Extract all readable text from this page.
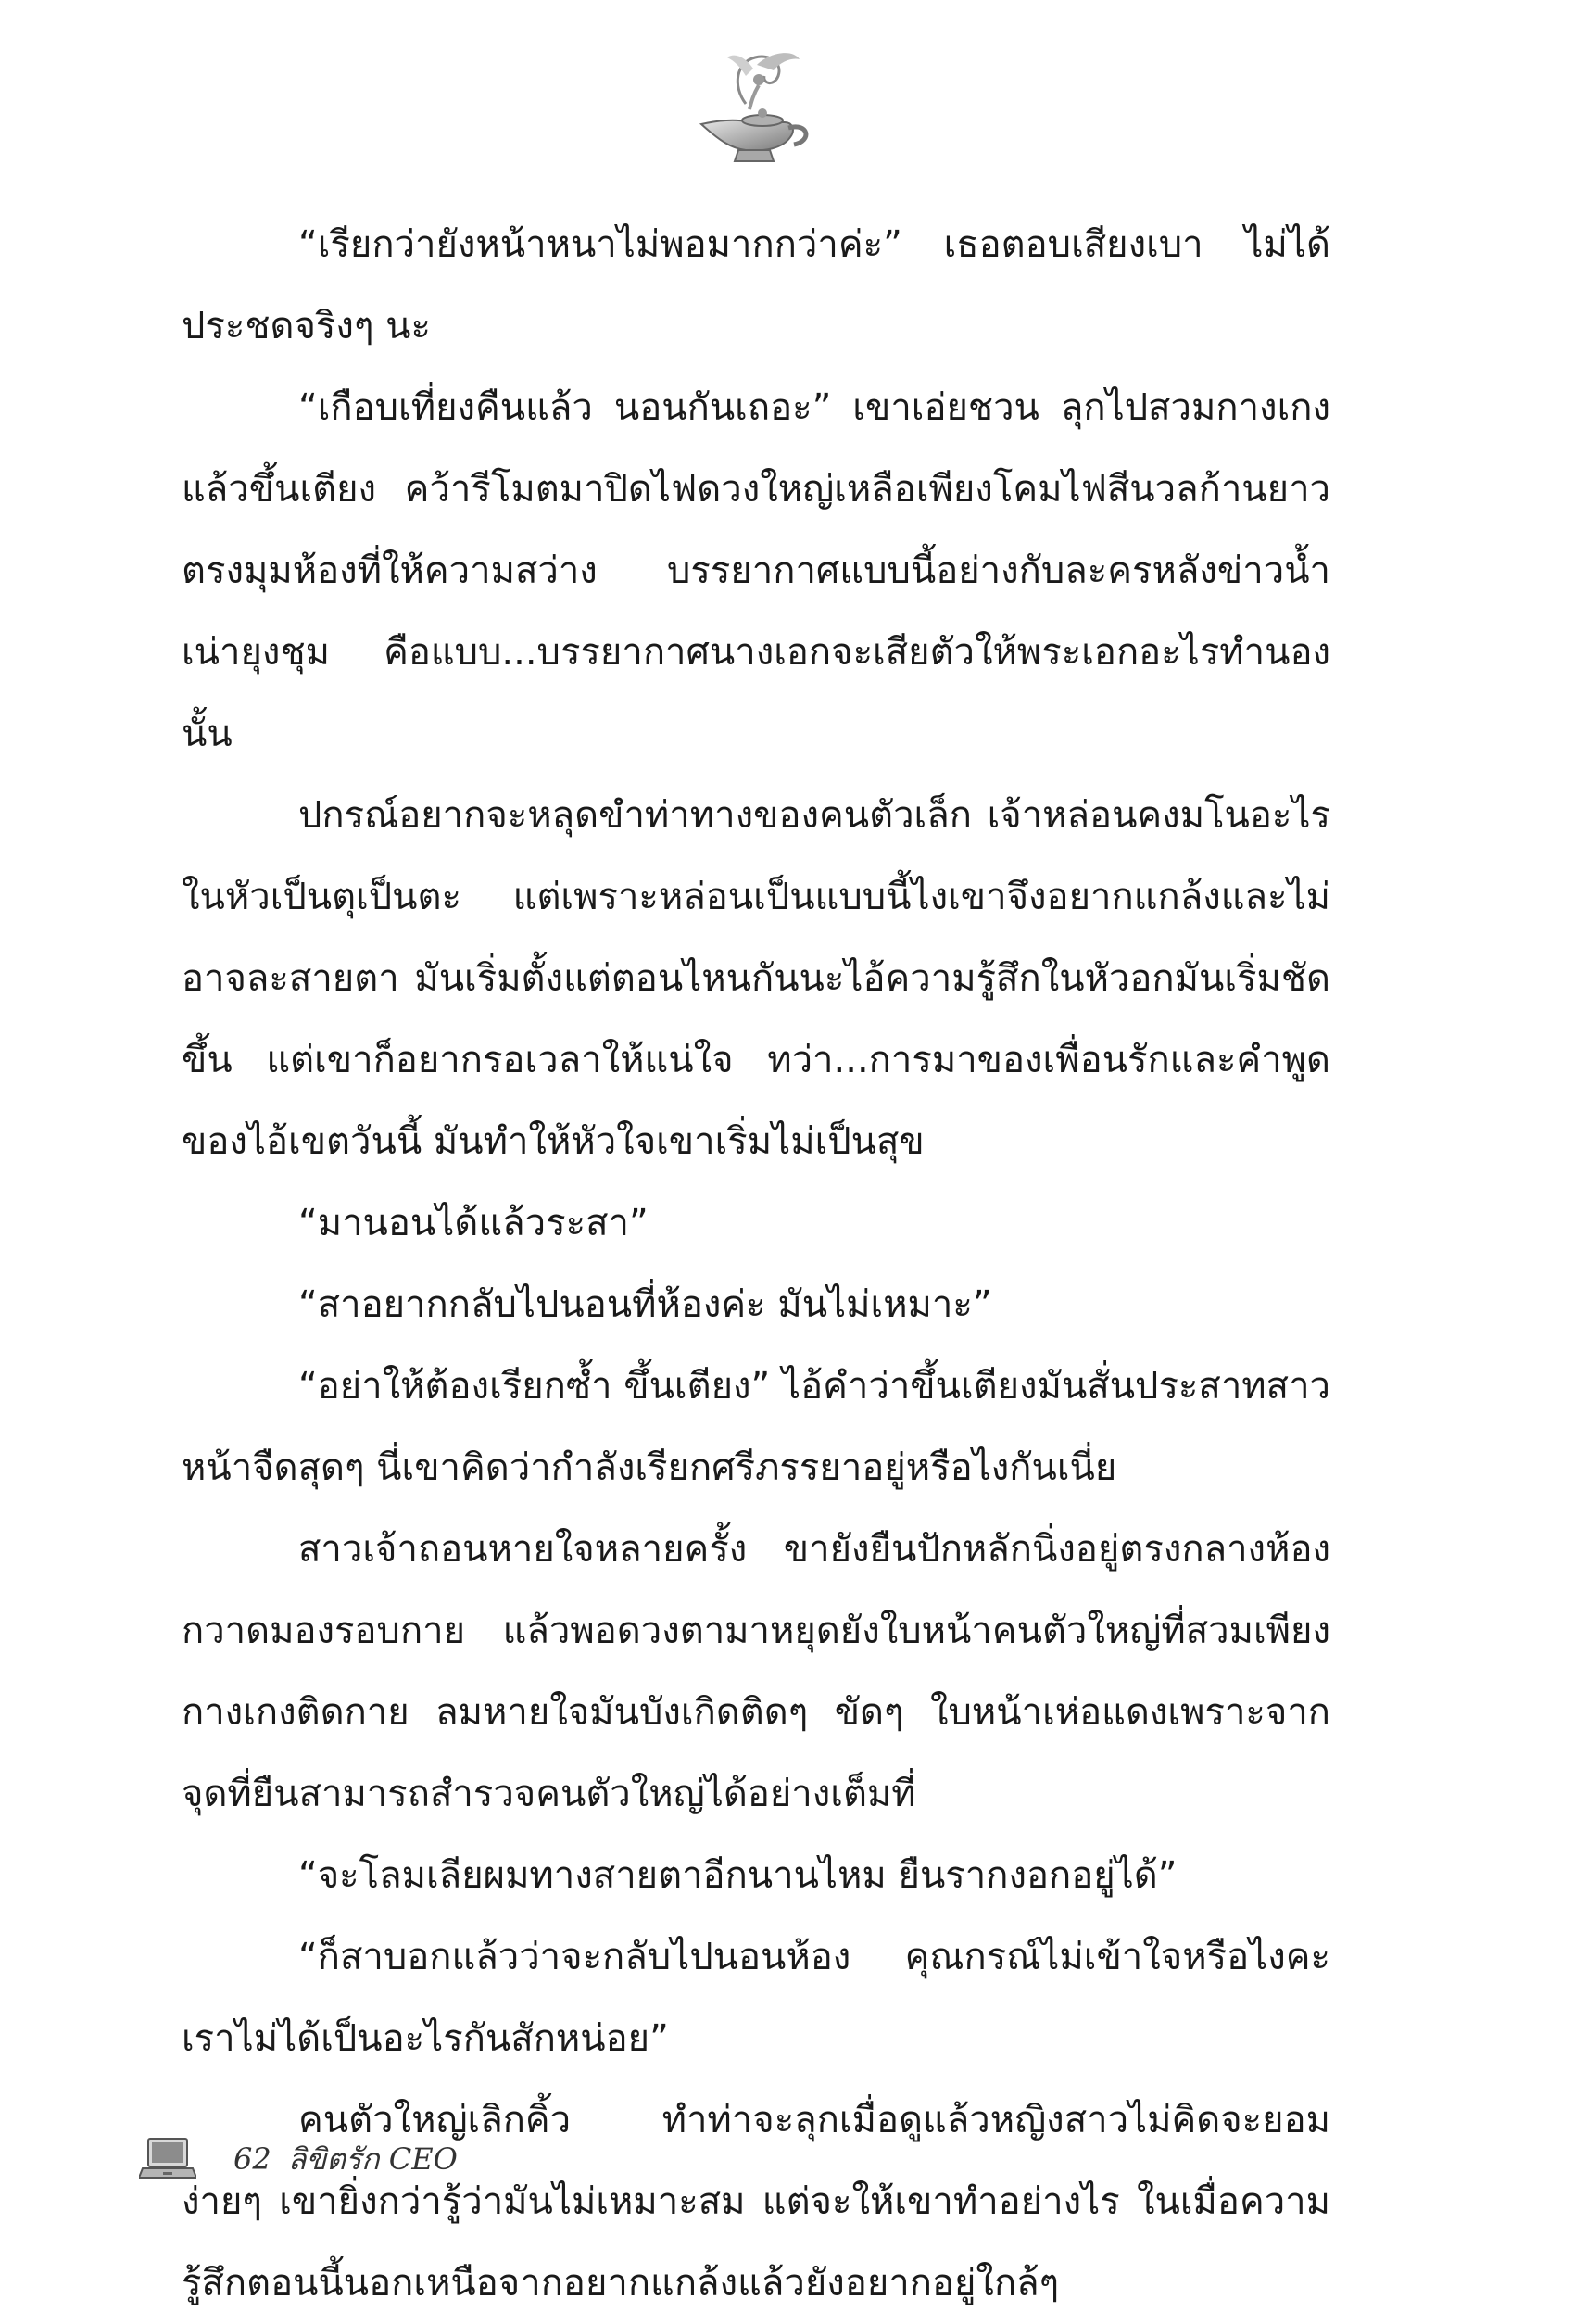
“เรียกว่ายังหน้าหนาไม่พอมากกว่าค่ะ” เธอตอบเสียงเบา ไม่ได้ประชดจริงๆ นะ

“เกือบเที่ยงคืนแล้ว นอนกันเถอะ” เขาเอ่ยชวน ลุกไปสวมกางเกงแล้วขึ้นเตียง คว้ารีโมตมาปิดไฟดวงใหญ่เหลือเพียงโคมไฟสีนวลก้านยาวตรงมุมห้องที่ให้ความสว่าง บรรยากาศแบบนี้อย่างกับละครหลังข่าวน้ำเน่ายุงชุม คือแบบ...บรรยากาศนางเอกจะเสียตัวให้พระเอกอะไรทำนองนั้น

ปกรณ์อยากจะหลุดขำท่าทางของคนตัวเล็ก เจ้าหล่อนคงมโนอะไรในหัวเป็นตุเป็นตะ แต่เพราะหล่อนเป็นแบบนี้ไงเขาจึงอยากแกล้งและไม่อาจละสายตา มันเริ่มตั้งแต่ตอนไหนกันนะไอ้ความรู้สึกในหัวอกมันเริ่มชัดขึ้น แต่เขาก็อยากรอเวลาให้แน่ใจ ทว่า...การมาของเพื่อนรักและคำพูดของไอ้เขตวันนี้ มันทำให้หัวใจเขาเริ่มไม่เป็นสุข

“มานอนได้แล้วระสา”

“สาอยากกลับไปนอนที่ห้องค่ะ มันไม่เหมาะ”

“อย่าให้ต้องเรียกซ้ำ ขึ้นเตียง” ไอ้คำว่าขึ้นเตียงมันสั่นประสาทสาวหน้าจืดสุดๆ นี่เขาคิดว่ากำลังเรียกศรีภรรยาอยู่หรือไงกันเนี่ย

สาวเจ้าถอนหายใจหลายครั้ง ขายังยืนปักหลักนิ่งอยู่ตรงกลางห้องกวาดมองรอบกาย แล้วพอดวงตามาหยุดยังใบหน้าคนตัวใหญ่ที่สวมเพียงกางเกงติดกาย ลมหายใจมันบังเกิดติดๆ ขัดๆ ใบหน้าเห่อแดงเพราะจากจุดที่ยืนสามารถสำรวจคนตัวใหญ่ได้อย่างเต็มที่

“จะโลมเลียผมทางสายตาอีกนานไหม ยืนรากงอกอยู่ได้”

“ก็สาบอกแล้วว่าจะกลับไปนอนห้อง คุณกรณ์ไม่เข้าใจหรือไงคะเราไม่ได้เป็นอะไรกันสักหน่อย”

คนตัวใหญ่เลิกคิ้ว ทำท่าจะลุกเมื่อดูแล้วหญิงสาวไม่คิดจะยอมง่ายๆ เขายิ่งกว่ารู้ว่ามันไม่เหมาะสม แต่จะให้เขาทำอย่างไร ในเมื่อความรู้สึกตอนนี้นอกเหนือจากอยากแกล้งแล้วยังอยากอยู่ใกล้ๆ

62 ลิขิตรัก CEO
